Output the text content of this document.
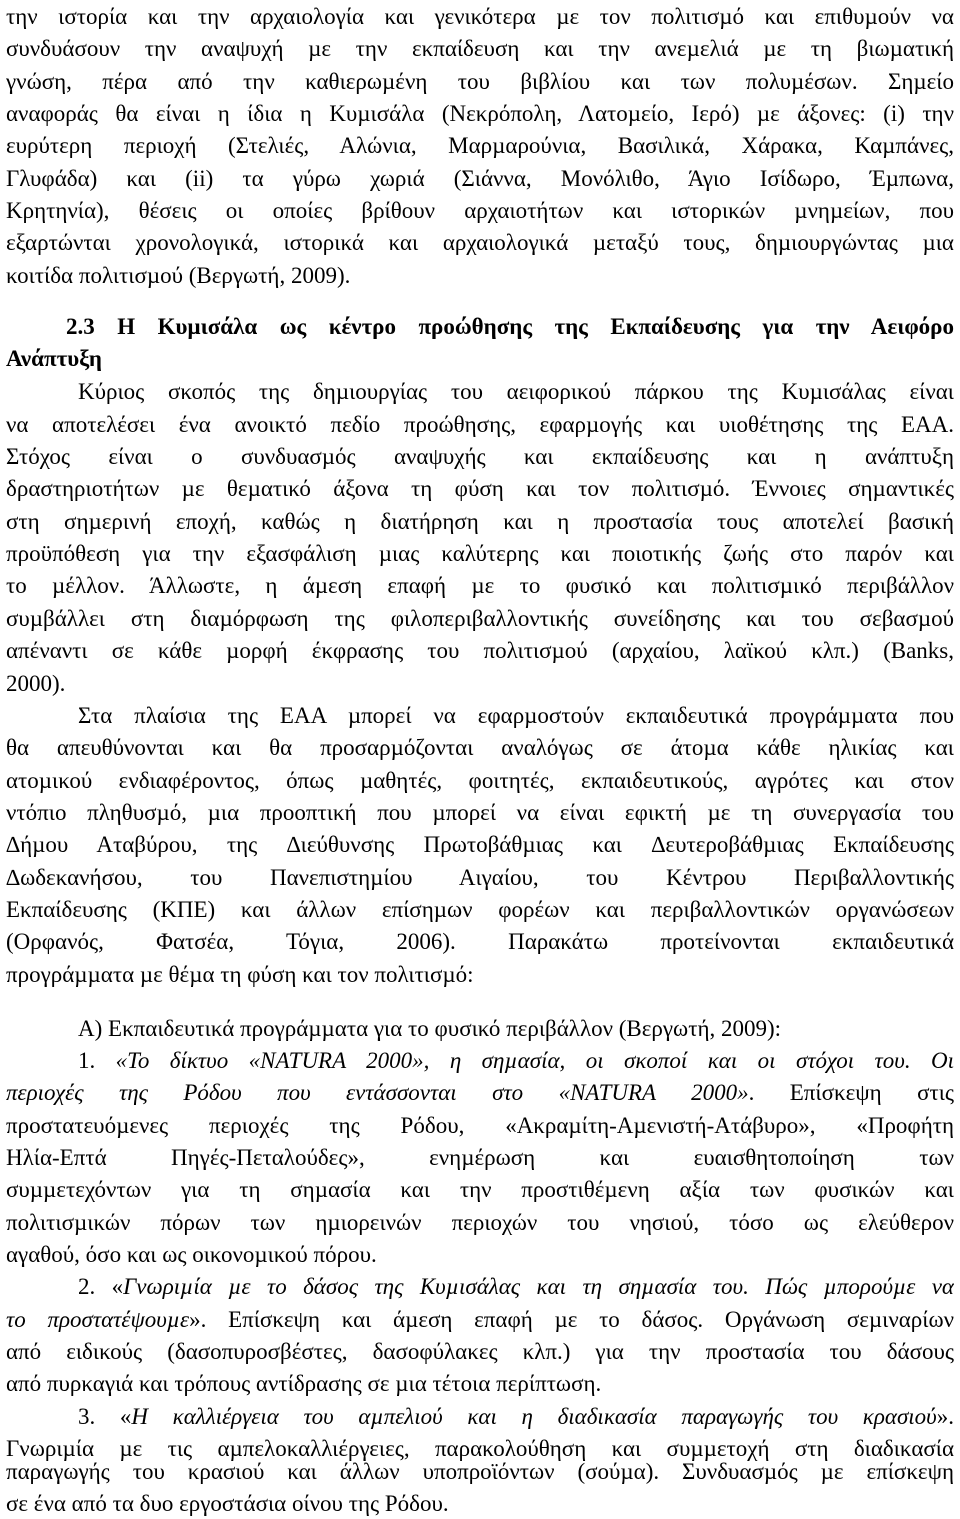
την ιστορία και την αρχαιολογία και γενικότερα µε τον πολιτισµό και επιθυµούν να
συνδυάσουν την αναψυχή µε την εκπαίδευση και την ανεµελιά µε τη βιωµατική
γνώση, πέρα από την καθιερωµένη του βιβλίου και των πολυµέσων. Σηµείο
αναφοράς θα είναι η ίδια η Κυµισάλα (Νεκρόπολη, Λατοµείο, Ιερό) µε άξονες: (i) την
ευρύτερη περιοχή (Στελιές, Αλώνια, Μαρµαρούνια, Βασιλικά, Χάρακα, Καµπάνες,
Γλυφάδα) και (ii) τα γύρω χωριά (Σιάννα, Μονόλιθο, Άγιο Ισίδωρο, Έµπωνα,
Κρητηνία), θέσεις οι οποίες βρίθουν αρχαιοτήτων και ιστορικών µνηµείων, που
εξαρτώνται χρονολογικά, ιστορικά και αρχαιολογικά µεταξύ τους, δηµιουργώντας µια
κοιτίδα πολιτισµού (Βεργωτή, 2009).
2.3 Η Κυµισάλα ως κέντρο προώθησης της Εκπαίδευσης για την Αειφόρο
Ανάπτυξη
Κύριος σκοπός της δηµιουργίας του αειφορικού πάρκου της Κυµισάλας είναι
να αποτελέσει ένα ανοικτό πεδίο προώθησης, εφαρµογής και υιοθέτησης της ΕΑΑ.
Στόχος είναι ο συνδυασµός αναψυχής και εκπαίδευσης και η ανάπτυξη
δραστηριοτήτων µε θεµατικό άξονα τη φύση και τον πολιτισµό. Έννοιες σηµαντικές
στη σηµερινή εποχή, καθώς η διατήρηση και η προστασία τους αποτελεί βασική
προϋπόθεση για την εξασφάλιση µιας καλύτερης και ποιοτικής ζωής στο παρόν και
το µέλλον. Άλλωστε, η άµεση επαφή µε το φυσικό και πολιτισµικό περιβάλλον
συµβάλλει στη διαµόρφωση της φιλοπεριβαλλοντικής συνείδησης και του σεβασµού
απέναντι σε κάθε µορφή έκφρασης του πολιτισµού (αρχαίου, λαϊκού κλπ.) (Banks,
2000).
Στα πλαίσια της ΕΑΑ µπορεί να εφαρµοστούν εκπαιδευτικά προγράµµατα που
θα απευθύνονται και θα προσαρµόζονται αναλόγως σε άτοµα κάθε ηλικίας και
ατοµικού ενδιαφέροντος, όπως µαθητές, φοιτητές, εκπαιδευτικούς, αγρότες και στον
ντόπιο πληθυσµό, µια προοπτική που µπορεί να είναι εφικτή µε τη συνεργασία του
∆ήµου Αταβύρου, της ∆ιεύθυνσης Πρωτοβάθµιας και ∆ευτεροβάθµιας Εκπαίδευσης
∆ωδεκανήσου, του Πανεπιστηµίου Αιγαίου, του Κέντρου Περιβαλλοντικής
Εκπαίδευσης (ΚΠΕ) και άλλων επίσηµων φορέων και περιβαλλοντικών οργανώσεων
(Ορφανός, Φατσέα, Τόγια, 2006). Παρακάτω προτείνονται εκπαιδευτικά
προγράµµατα µε θέµα τη φύση και τον πολιτισµό:
Α) Εκπαιδευτικά προγράµµατα για το φυσικό περιβάλλον (Βεργωτή, 2009):
1. «Το δίκτυο «NATURA 2000», η σηµασία, οι σκοποί και οι στόχοι του. Οι
περιοχές της Ρόδου που εντάσσονται στο «NATURA 2000». Επίσκεψη στις
προστατευόµενες περιοχές της Ρόδου, «Ακραµίτη-Αµενιστή-Ατάβυρο», «Προφήτη
Ηλία-Επτά Πηγές-Πεταλούδες», ενηµέρωση και ευαισθητοποίηση των
συµµετεχόντων για τη σηµασία και την προστιθέµενη αξία των φυσικών και
πολιτισµικών πόρων των ηµιορεινών περιοχών του νησιού, τόσο ως ελεύθερον
αγαθού, όσο και ως οικονοµικού πόρου.
2. «Γνωριµία µε το δάσος της Κυµισάλας και τη σηµασία του. Πώς µπορούµε να
το προστατέψουµε». Επίσκεψη και άµεση επαφή µε το δάσος. Οργάνωση σεµιναρίων
από ειδικούς (δασοπυροσβέστες, δασοφύλακες κλπ.) για την προστασία του δάσους
από πυρκαγιά και τρόπους αντίδρασης σε µια τέτοια περίπτωση.
3. «Η καλλιέργεια του αµπελιού και η διαδικασία παραγωγής του κρασιού».
Γνωριµία µε τις αµπελοκαλλιέργειες, παρακολούθηση και συµµετοχή στη διαδικασία
παραγωγής του κρασιού και άλλων υποπροϊόντων (σούµα). Συνδυασµός µε επίσκεψη
σε ένα από τα δυο εργοστάσια οίνου της Ρόδου.
